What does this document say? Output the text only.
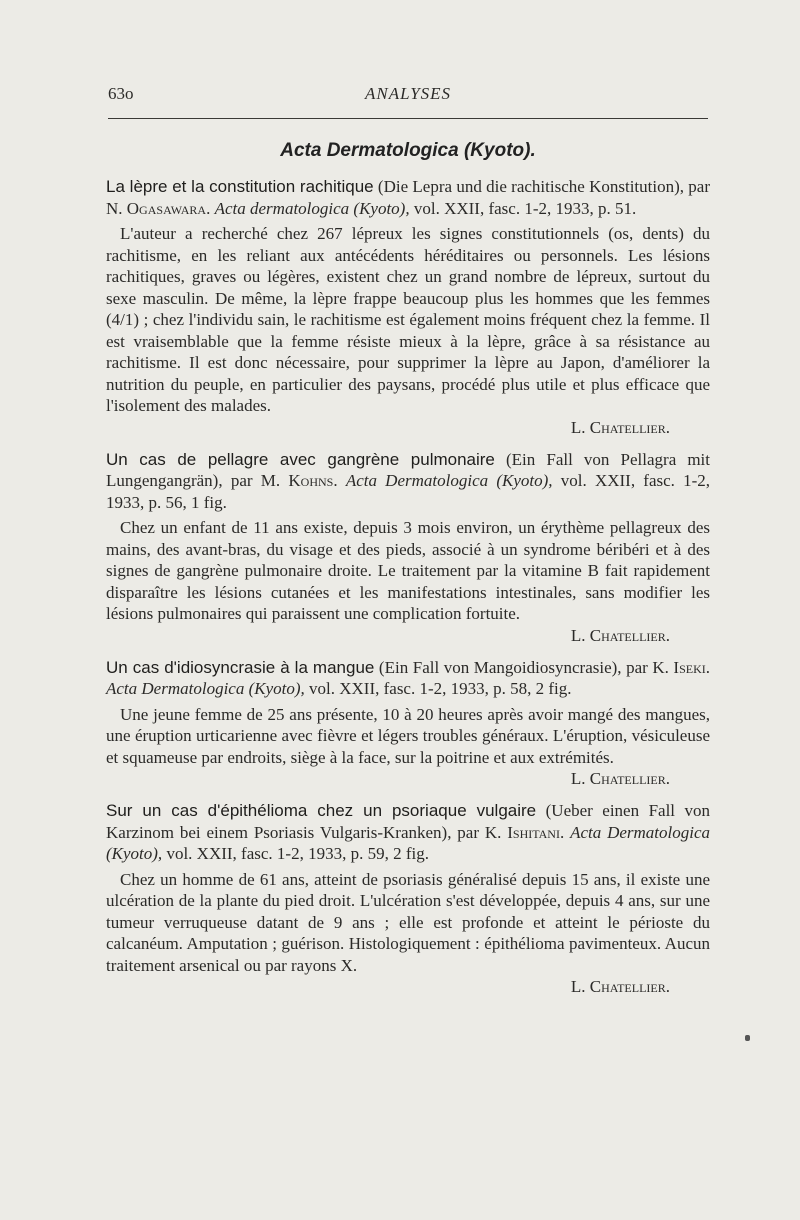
63o	ANALYSES
Acta Dermatologica (Kyoto).

La lèpre et la constitution rachitique (Die Lepra und die rachitische Konstitution), par N. Ogasawara. Acta dermatologica (Kyoto), vol. XXII, fasc. 1-2, 1933, p. 51.

L'auteur a recherché chez 267 lépreux les signes constitutionnels (os, dents) du rachitisme, en les reliant aux antécédents héréditaires ou personnels. Les lésions rachitiques, graves ou légères, existent chez un grand nombre de lépreux, surtout du sexe masculin. De même, la lèpre frappe beaucoup plus les hommes que les femmes (4/1) ; chez l'individu sain, le rachitisme est également moins fréquent chez la femme. Il est vraisemblable que la femme résiste mieux à la lèpre, grâce à sa résistance au rachitisme. Il est donc nécessaire, pour supprimer la lèpre au Japon, d'améliorer la nutrition du peuple, en particulier des paysans, procédé plus utile et plus efficace que l'isolement des malades.

L. Chatellier.

Un cas de pellagre avec gangrène pulmonaire (Ein Fall von Pellagra mit Lungengangrän), par M. Kohns. Acta Dermatologica (Kyoto), vol. XXII, fasc. 1-2, 1933, p. 56, 1 fig.

Chez un enfant de 11 ans existe, depuis 3 mois environ, un érythème pellagreux des mains, des avant-bras, du visage et des pieds, associé à un syndrome béribéri et à des signes de gangrène pulmonaire droite. Le traitement par la vitamine B fait rapidement disparaître les lésions cutanées et les manifestations intestinales, sans modifier les lésions pulmonaires qui paraissent une complication fortuite.

L. Chatellier.

Un cas d'idiosyncrasie à la mangue (Ein Fall von Mangoidiosyncrasie), par K. Iseki. Acta Dermatologica (Kyoto), vol. XXII, fasc. 1-2, 1933, p. 58, 2 fig.

Une jeune femme de 25 ans présente, 10 à 20 heures après avoir mangé des mangues, une éruption urticarienne avec fièvre et légers troubles généraux. L'éruption, vésiculeuse et squameuse par endroits, siège à la face, sur la poitrine et aux extrémités.

L. Chatellier.

Sur un cas d'épithélioma chez un psoriaque vulgaire (Ueber einen Fall von Karzinom bei einem Psoriasis Vulgaris-Kranken), par K. Ishitani. Acta Dermatologica (Kyoto), vol. XXII, fasc. 1-2, 1933, p. 59, 2 fig.

Chez un homme de 61 ans, atteint de psoriasis généralisé depuis 15 ans, il existe une ulcération de la plante du pied droit. L'ulcération s'est développée, depuis 4 ans, sur une tumeur verruqueuse datant de 9 ans ; elle est profonde et atteint le périoste du calcanéum. Amputation ; guérison. Histologiquement : épithélioma pavimenteux. Aucun traitement arsenical ou par rayons X.

L. Chatellier.
